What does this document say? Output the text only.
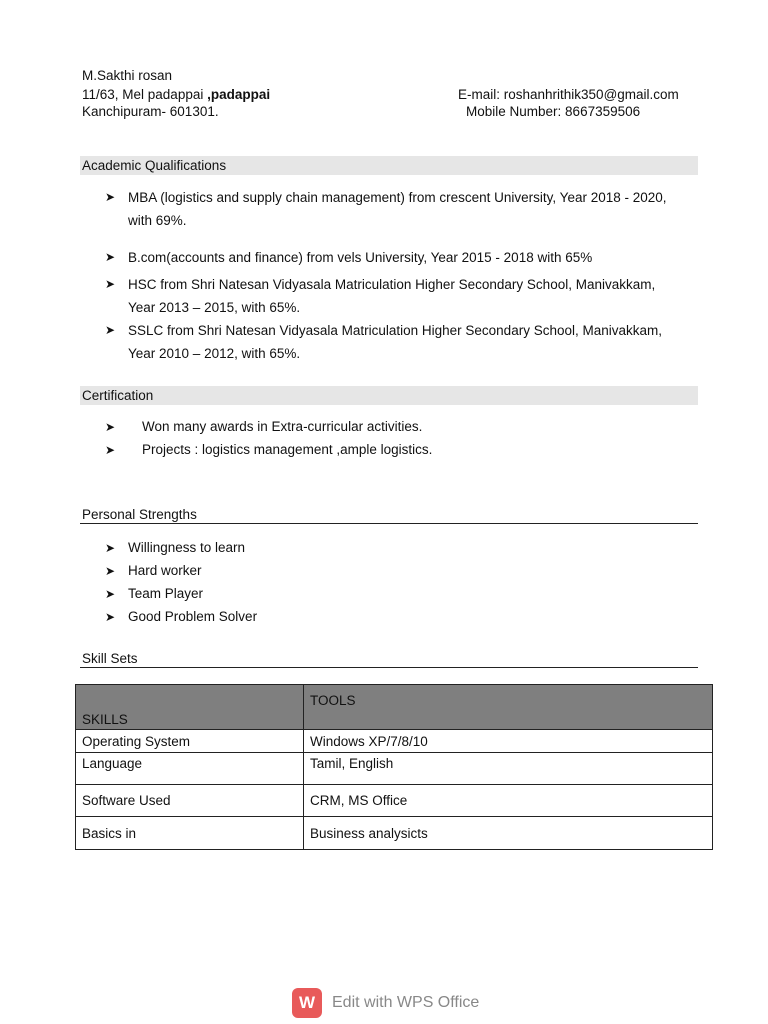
M.Sakthi rosan
11/63, Mel padappai ,padappai
Kanchipuram- 601301.
E-mail: roshanhrithik350@gmail.com
Mobile Number: 8667359506
Academic Qualifications
➤ MBA (logistics and supply chain management) from crescent University, Year 2018 - 2020,
with 69%.
➤ B.com(accounts and finance) from vels University, Year 2015 - 2018 with 65%
➤ HSC from Shri Natesan Vidyasala Matriculation Higher Secondary School, Manivakkam,
Year 2013 – 2015, with 65%.
➤ SSLC from Shri Natesan Vidyasala Matriculation Higher Secondary School, Manivakkam,
Year 2010 – 2012, with 65%.
Certification
➤ Won many awards in Extra-curricular activities.
➤ Projects : logistics management ,ample logistics.
Personal Strengths
➤ Willingness to learn
➤ Hard worker
➤ Team Player
➤ Good Problem Solver
Skill Sets
SKILLS	TOOLS
Operating System	Windows XP/7/8/10
Language	Tamil, English
Software Used	CRM, MS Office
Basics in	Business analysicts
W	Edit with WPS Office
